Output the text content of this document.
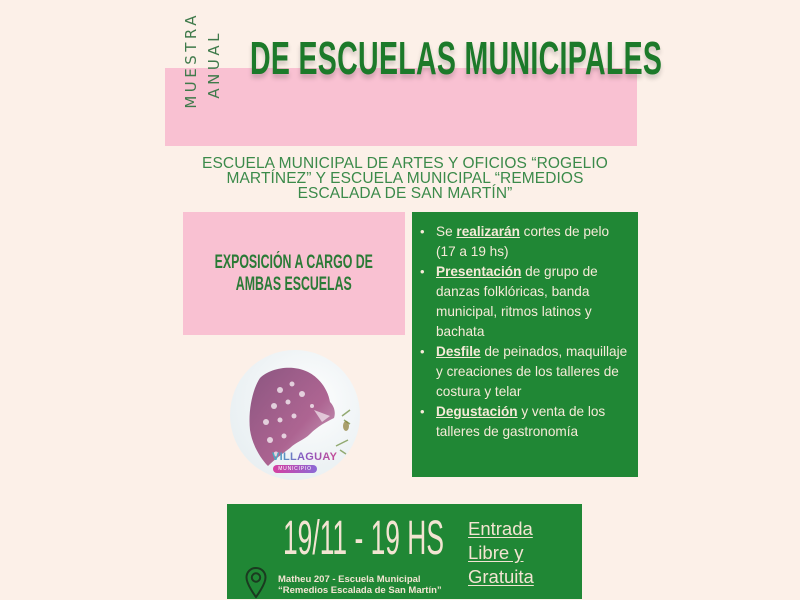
MUESTRA ANUAL DE ESCUELAS MUNICIPALES
ESCUELA MUNICIPAL DE ARTES Y OFICIOS “ROGELIO
MARTÍNEZ” Y ESCUELA MUNICIPAL “REMEDIOS
ESCALADA DE SAN MARTÍN”
EXPOSICIÓN A CARGO DE
AMBAS ESCUELAS
• Se realizarán cortes de pelo (17 a 19 hs)
• Presentación de grupo de danzas folklóricas, banda municipal, ritmos latinos y bachata
• Desfile de peinados, maquillaje y creaciones de los talleres de costura y telar
• Degustación y venta de los talleres de gastronomía
VILLAGUAY
MUNICIPIO
19/11 - 19 HS
Matheu 207 - Escuela Municipal
“Remedios Escalada de San Martín”
Entrada
Libre y
Gratuita
